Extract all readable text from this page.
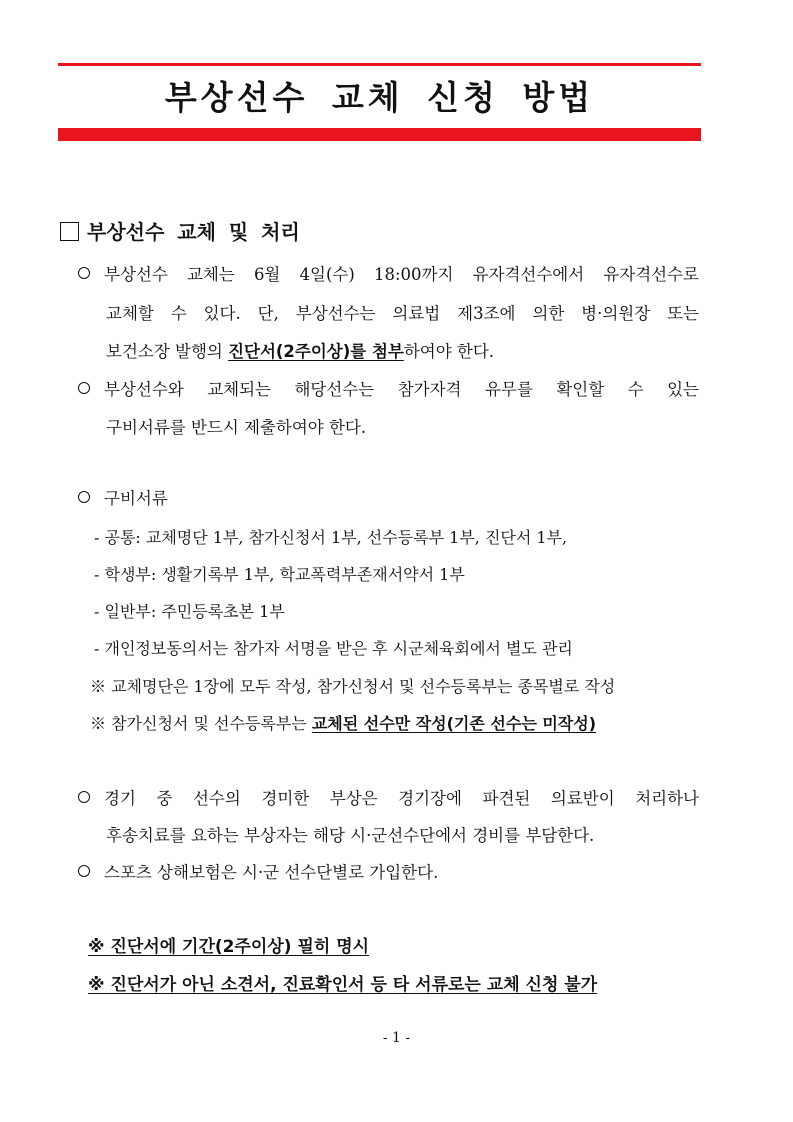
부상선수 교체 신청 방법
부상선수 교체 및 처리
부상선수 교체는 6월 4일(수) 18:00까지 유자격선수에서 유자격선수로
교체할 수 있다. 단, 부상선수는 의료법 제3조에 의한 병·의원장 또는
보건소장 발행의 진단서(2주이상)를 첨부하여야 한다.
부상선수와 교체되는 해당선수는 참가자격 유무를 확인할 수 있는
구비서류를 반드시 제출하여야 한다.
구비서류
- 공통: 교체명단 1부, 참가신청서 1부, 선수등록부 1부, 진단서 1부,
- 학생부: 생활기록부 1부, 학교폭력부존재서약서 1부
- 일반부: 주민등록초본 1부
- 개인정보동의서는 참가자 서명을 받은 후 시군체육회에서 별도 관리
※ 교체명단은 1장에 모두 작성, 참가신청서 및 선수등록부는 종목별로 작성
※ 참가신청서 및 선수등록부는 교체된 선수만 작성(기존 선수는 미작성)
경기 중 선수의 경미한 부상은 경기장에 파견된 의료반이 처리하나
후송치료를 요하는 부상자는 해당 시·군선수단에서 경비를 부담한다.
스포츠 상해보험은 시·군 선수단별로 가입한다.
※ 진단서에 기간(2주이상) 필히 명시
※ 진단서가 아닌 소견서, 진료확인서 등 타 서류로는 교체 신청 불가
- 1 -
